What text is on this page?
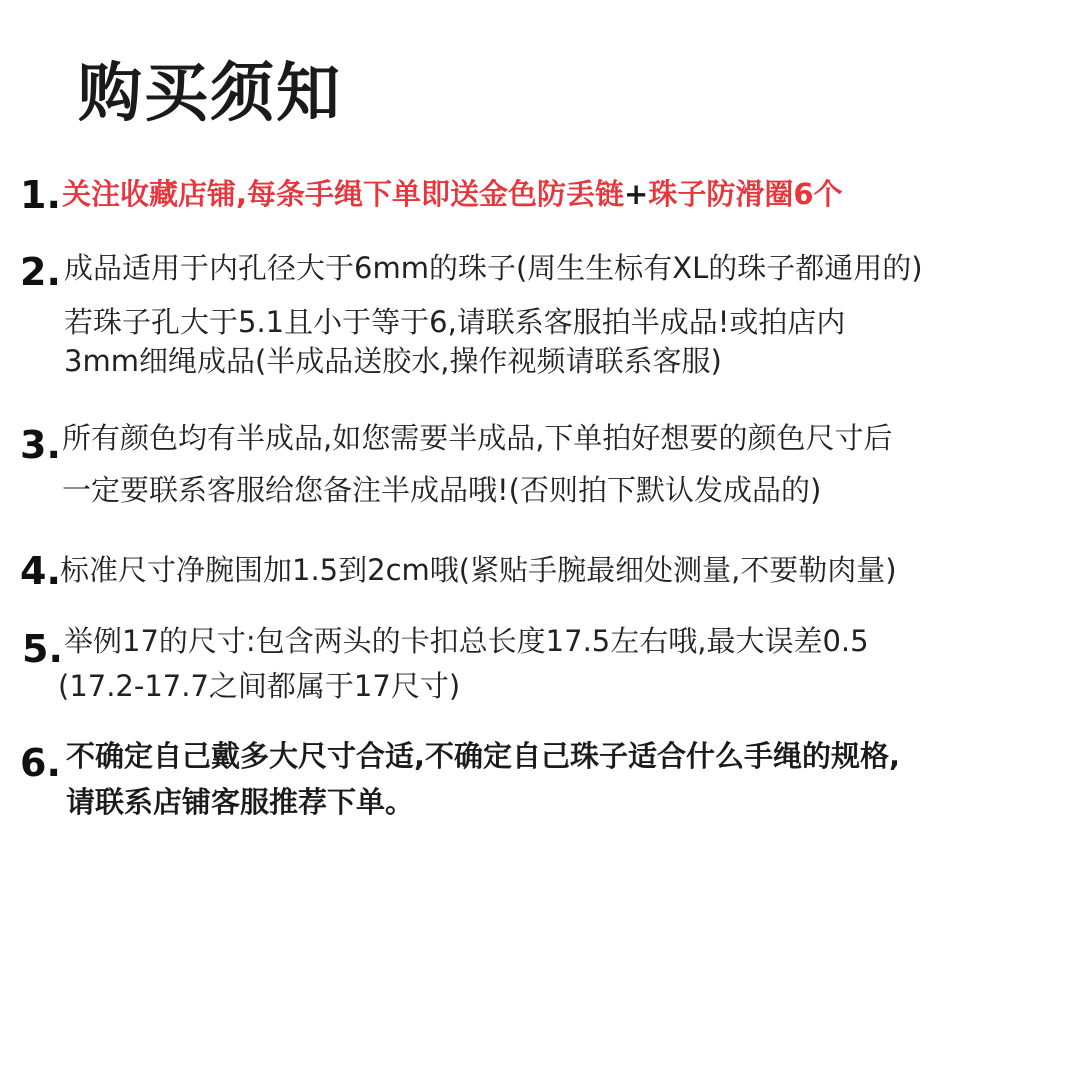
购买须知
1. 关注收藏店铺,每条手绳下单即送金色防丢链+珠子防滑圈6个
2. 成品适用于内孔径大于6mm的珠子(周生生标有XL的珠子都通用的)
若珠子孔大于5.1且小于等于6,请联系客服拍半成品!或拍店内
3mm细绳成品(半成品送胶水,操作视频请联系客服)
3. 所有颜色均有半成品,如您需要半成品,下单拍好想要的颜色尺寸后
一定要联系客服给您备注半成品哦!(否则拍下默认发成品的)
4. 标准尺寸净腕围加1.5到2cm哦(紧贴手腕最细处测量,不要勒肉量)
5. 举例17的尺寸:包含两头的卡扣总长度17.5左右哦,最大误差0.5
(17.2-17.7之间都属于17尺寸)
6. 不确定自己戴多大尺寸合适,不确定自己珠子适合什么手绳的规格,
请联系店铺客服推荐下单。
